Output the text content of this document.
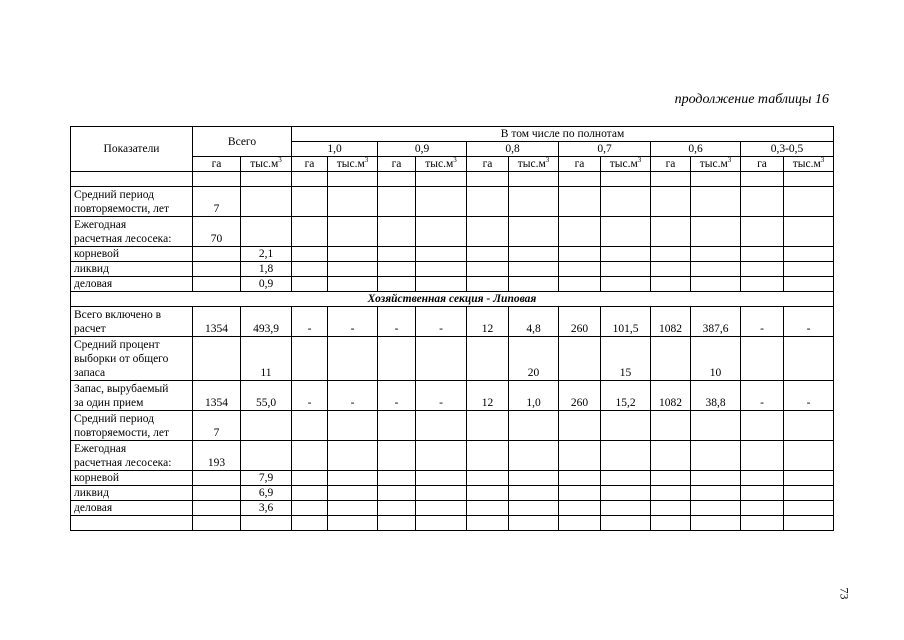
продолжение таблицы 16
Показатели	Всего		В том числе по полнотам											
			1,0		0,9		0,8		0,7		0,6		0,3-0,5	
	га	$тыс.м^3$	га	$тыс.м^3$	га	$тыс.м^3$	га	$тыс.м^3$	га	$тыс.м^3$	га	$тыс.м^3$	га	$тыс.м^3$

Средний период
повторяемости, лет	7													
Ежегодная
расчетная лесосека:	70													
корневой		2,1												
ликвид		1,8												
деловая		0,9												
Хозяйственная секция - Липовая														
Всего включено в
расчет	1354	493,9	-	-	-	-	12	4,8	260	101,5	1082	387,6	-	-
Средний процент
выборки от общего
запаса		11						20		15		10		
Запас, вырубаемый
за один прием	1354	55,0	-	-	-	-	12	1,0	260	15,2	1082	38,8	-	-
Средний период
повторяемости, лет	7													
Ежегодная
расчетная лесосека:	193													
корневой		7,9												
ликвид		6,9												
деловая		3,6												

73
